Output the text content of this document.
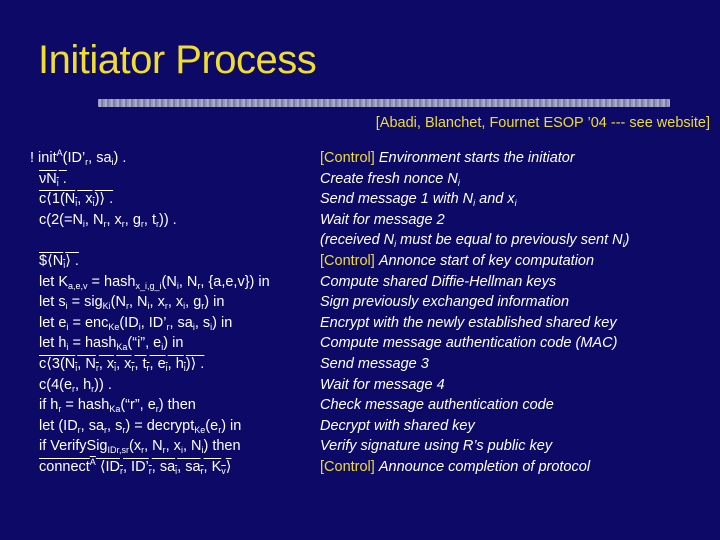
Initiator Process
[Abadi, Blanchet, Fournet ESOP ’04 --- see website]
! $init^A(ID’_r$, $sa_i$) .
$\nu N_i$ .
$c⟨1(N_i$, $x_i)⟩$ .
$c(2(=N_i$, $N_r$, $x_r$, $g_r$, $t_r$)) .

$\$⟨N_i⟩$ .
let $K_{a,e,v}$ = $hash_{x\_i,g\_i}(N_i$, $N_r$, {a,e,v}) in
let $s_i = sig_{Ki}(N_r$, $N_i$, $x_r$, $x_i$, $g_r$) in
let $e_i = enc_{Ke}(ID_i$, $ID’_r$, $sa_i$, $s_i$) in
let $h_i$ = hash$_{Ka}$(“i”, $e_i$) in
$c⟨3(N_i$, $N_r$, $x_i$, $x_r$, $t_r$, $e_i$, $h_i)⟩$ .
$c(4(e_r$, $h_r$)) .
if $h_r$ = hash$_{Ka}$(“r”, $e_r$) then
let ($ID_r$, $sa_r$, $s_r$) = $decrypt_{Ke}(e_r)$ in
if $VerifySig_{IDr,sr}(x_r$, $N_r$, $x_i$, $N_i$) then
connect$^A$ $⟨ID_r$, $ID’_r$, $sa_i$, $sa_r$, $K_v⟩$
[Control] Environment starts the initiator
Create fresh nonce $N_i$
Send message 1 with $N_i$ and $x_i$
Wait for message 2
(received $N_i$ must be equal to previously sent $N_i$)
[Control] Annonce start of key computation
Compute shared Diffie-Hellman keys
Sign previously exchanged information
Encrypt with the newly established shared key
Compute message authentication code (MAC)
Send message 3
Wait for message 4
Check message authentication code
Decrypt with shared key
Verify signature using R’s public key
[Control] Announce completion of protocol
